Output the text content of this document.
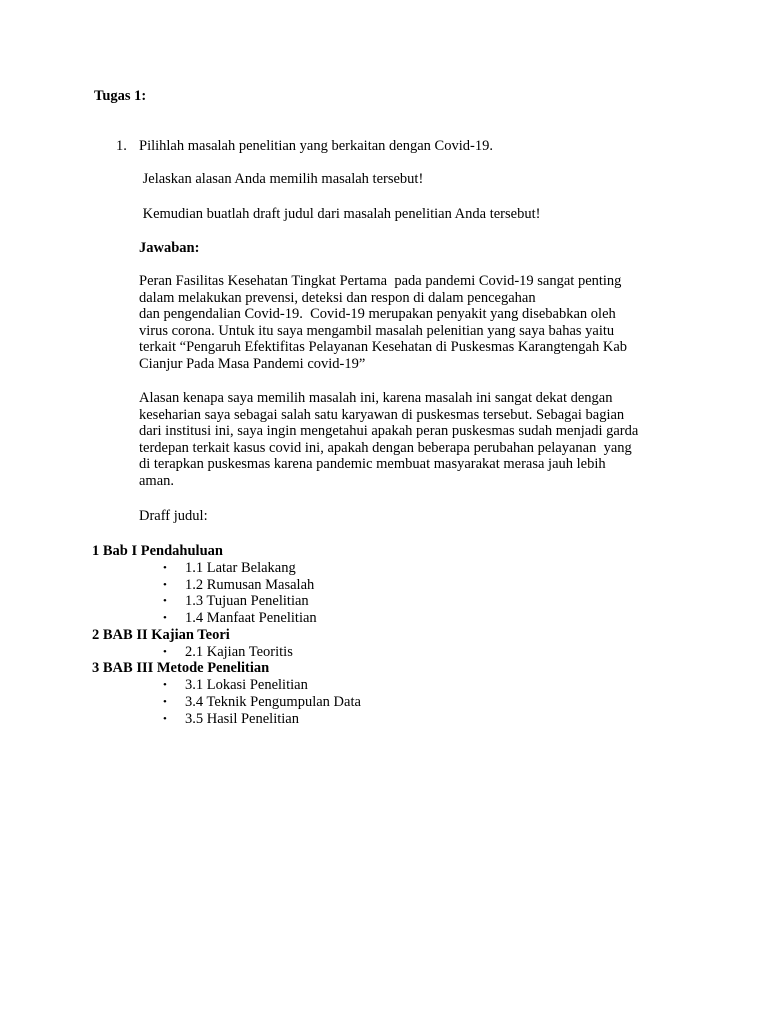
Tugas 1:
1. Pilihlah masalah penelitian yang berkaitan dengan Covid-19.
Jelaskan alasan Anda memilih masalah tersebut!
Kemudian buatlah draft judul dari masalah penelitian Anda tersebut!
Jawaban:
Peran Fasilitas Kesehatan Tingkat Pertama  pada pandemi Covid-19 sangat penting
dalam melakukan prevensi, deteksi dan respon di dalam pencegahan
dan pengendalian Covid-19.  Covid-19 merupakan penyakit yang disebabkan oleh
virus corona. Untuk itu saya mengambil masalah pelenitian yang saya bahas yaitu
terkait “Pengaruh Efektifitas Pelayanan Kesehatan di Puskesmas Karangtengah Kab
Cianjur Pada Masa Pandemi covid-19”
Alasan kenapa saya memilih masalah ini, karena masalah ini sangat dekat dengan
keseharian saya sebagai salah satu karyawan di puskesmas tersebut. Sebagai bagian
dari institusi ini, saya ingin mengetahui apakah peran puskesmas sudah menjadi garda
terdepan terkait kasus covid ini, apakah dengan beberapa perubahan pelayanan  yang
di terapkan puskesmas karena pandemic membuat masyarakat merasa jauh lebih
aman.
Draff judul:
1 Bab I Pendahuluan
• 1.1 Latar Belakang
• 1.2 Rumusan Masalah
• 1.3 Tujuan Penelitian
• 1.4 Manfaat Penelitian
2 BAB II Kajian Teori
• 2.1 Kajian Teoritis
3 BAB III Metode Penelitian
• 3.1 Lokasi Penelitian
• 3.4 Teknik Pengumpulan Data
• 3.5 Hasil Penelitian
